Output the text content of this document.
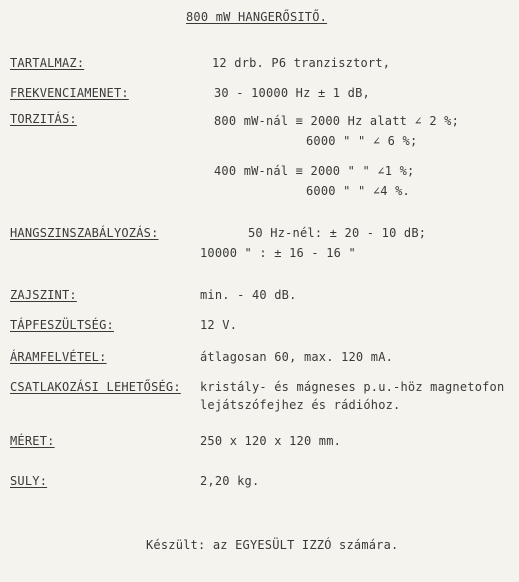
800 mW HANGERŐSITŐ.
TARTALMAZ:	12 drb. P6 tranzisztort,
FREKVENCIAMENET:	30 - 10000 Hz ± 1 dB,
TORZITÁS:	800 mW-nál ≡ 2000 Hz alatt ∠ 2 %;
6000 " " ∠ 6 %;
400 mW-nál ≡ 2000 " " ∠1 %;
6000 " " ∠4 %.
HANGSZINSZABÁLYOZÁS:	50 Hz-nél: ± 20 - 10 dB;
10000 " : ± 16 - 16 "
ZAJSZINT:	min. - 40 dB.
TÁPFESZÜLTSÉG:	12 V.
ÁRAMFELVÉTEL:	átlagosan 60, max. 120 mA.
CSATLAKOZÁSI LEHETŐSÉG: kristály- és mágneses p.u.-höz magnetofon
lejátszófejhez és rádióhoz.
MÉRET:	250 x 120 x 120 mm.
SULY:	2,20 kg.
Készült: az EGYESÜLT IZZÓ számára.
